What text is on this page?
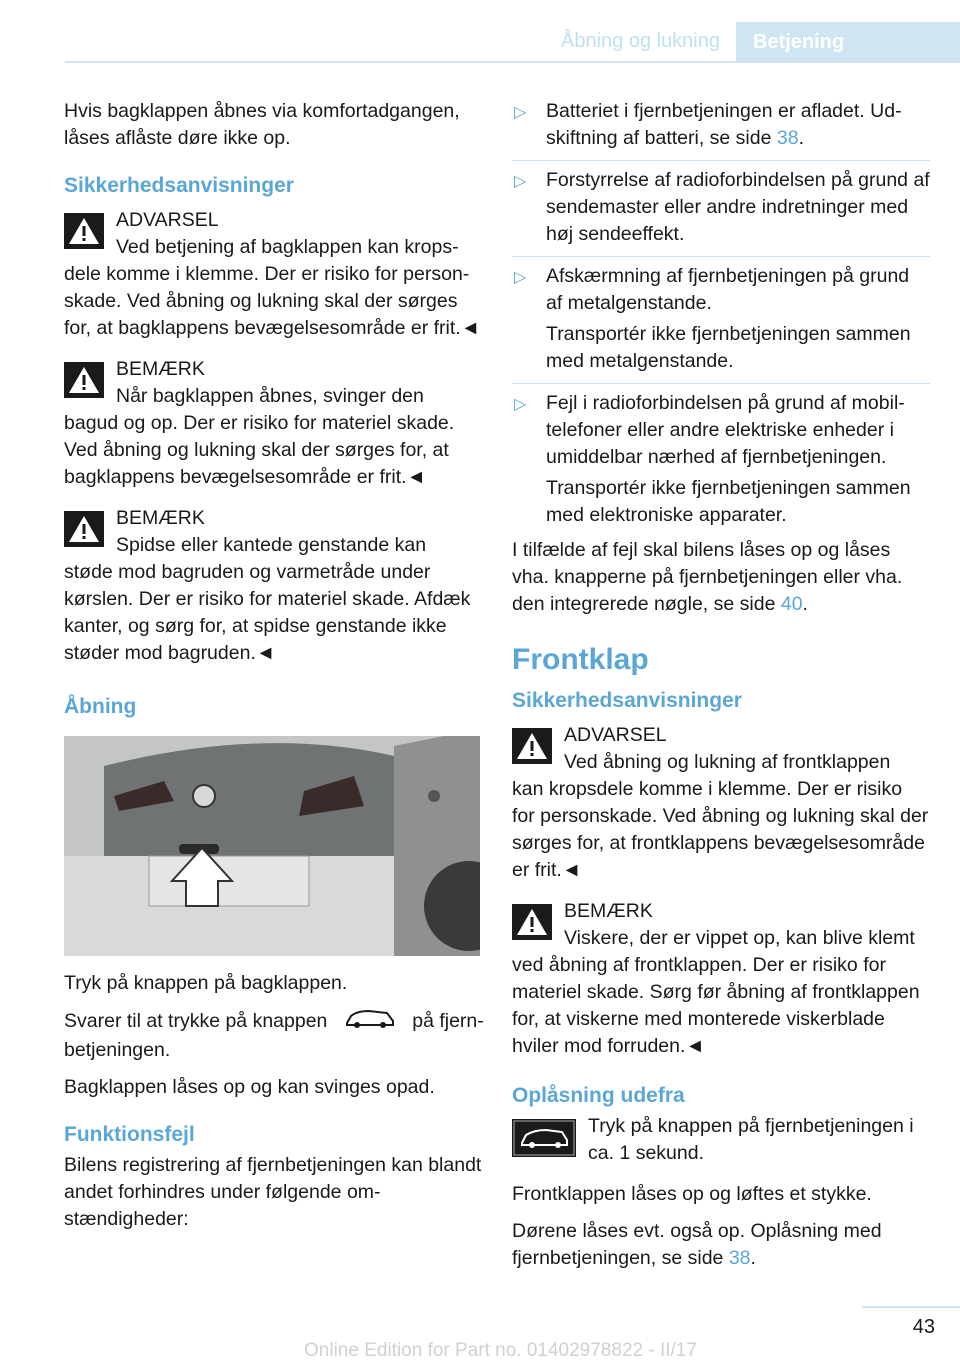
Åbning og lukning	Betjening

Hvis bagklappen åbnes via komfortadgangen, låses aflåste døre ikke op.

Sikkerhedsanvisninger
ADVARSEL
Ved betjening af bagklappen kan krops-

dele komme i klemme. Der er risiko for personskade. Ved åbning og lukning skal der sørges for, at bagklappens bevægelsesområde er frit.◄

BEMÆRK
Når bagklappen åbnes, svinger den

bagud og op. Der er risiko for materiel skade. Ved åbning og lukning skal der sørges for, at bagklappens bevægelsesområde er frit.◄

BEMÆRK
Spidse eller kantede genstande kan

støde mod bagruden og varmetråde under kørslen. Der er risiko for materiel skade. Afdæk kanter, og sørg for, at spidse genstande ikke støder mod bagruden.◄

Åbning

Tryk på knappen på bagklappen.

Svarer til at trykke på knappen	på fjernbetjeningen.

Bagklappen låses op og kan svinges opad.

Funktionsfejl

Bilens registrering af fjernbetjeningen kan blandt andet forhindres under følgende omstændigheder:

▷ Batteriet i fjernbetjeningen er afladet. Udskiftning af batteri, se side 38.
▷ Forstyrrelse af radioforbindelsen på grund af sendemaster eller andre indretninger med høj sendeeffekt.
▷ Afskærmning af fjernbetjeningen på grund af metalgenstande.

Transportér ikke fjernbetjeningen sammen med metalgenstande.

▷ Fejl i radioforbindelsen på grund af mobiltelefoner eller andre elektriske enheder i umiddelbar nærhed af fjernbetjeningen.

Transportér ikke fjernbetjeningen sammen med elektroniske apparater.

I tilfælde af fejl skal bilens låses op og låses vha. knapperne på fjernbetjeningen eller vha. den integrerede nøgle, se side 40.

Frontklap
Sikkerhedsanvisninger
ADVARSEL
Ved åbning og lukning af frontklappen

kan kropsdele komme i klemme. Der er risiko for personskade. Ved åbning og lukning skal der sørges for, at frontklappens bevægelsesområde er frit.◄

BEMÆRK
Viskere, der er vippet op, kan blive klemt

ved åbning af frontklappen. Der er risiko for materiel skade. Sørg før åbning af frontklappen for, at viskerne med monterede viskerblade hviler mod forruden.◄

Oplåsning udefra

Tryk på knappen på fjernbetjeningen i ca. 1 sekund.

Frontklappen låses op og løftes et stykke.

Dørene låses evt. også op. Oplåsning med fjernbetjeningen, se side 38.

43
Online Edition for Part no. 01402978822 - II/17
